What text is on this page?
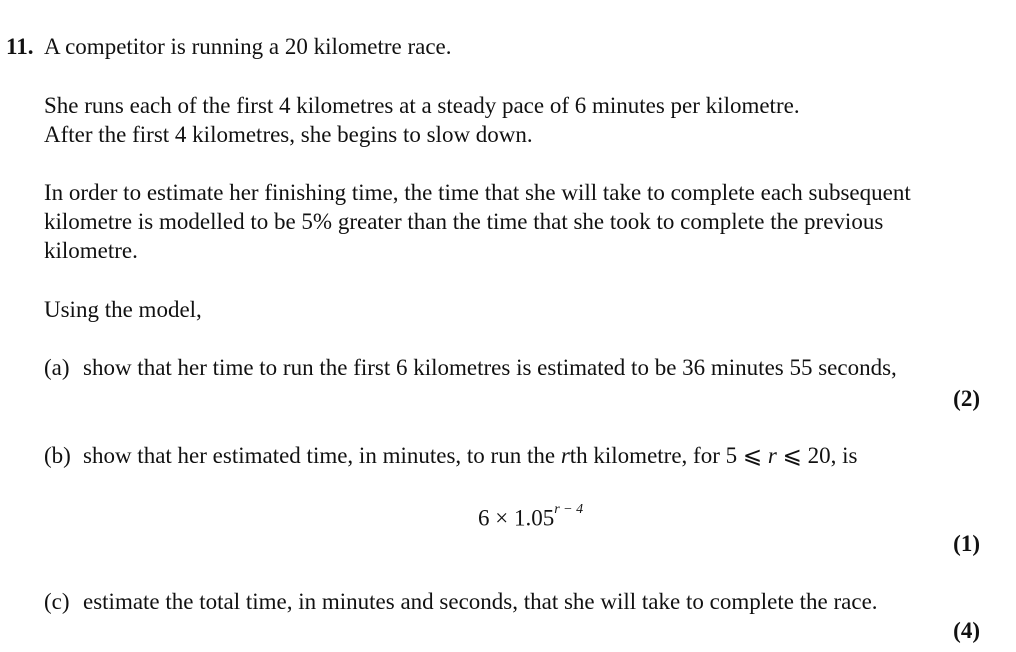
11. A competitor is running a 20 kilometre race.
She runs each of the first 4 kilometres at a steady pace of 6 minutes per kilometre.
After the first 4 kilometres, she begins to slow down.
In order to estimate her finishing time, the time that she will take to complete each subsequent
kilometre is modelled to be 5% greater than the time that she took to complete the previous
kilometre.
Using the model,
(a) show that her time to run the first 6 kilometres is estimated to be 36 minutes 55 seconds,
(2)
(b) show that her estimated time, in minutes, to run the rth kilometre, for 5 ⩽ r ⩽ 20, is
$6 \times 1.05^{r - 4}$
(1)
(c) estimate the total time, in minutes and seconds, that she will take to complete the race.
(4)
